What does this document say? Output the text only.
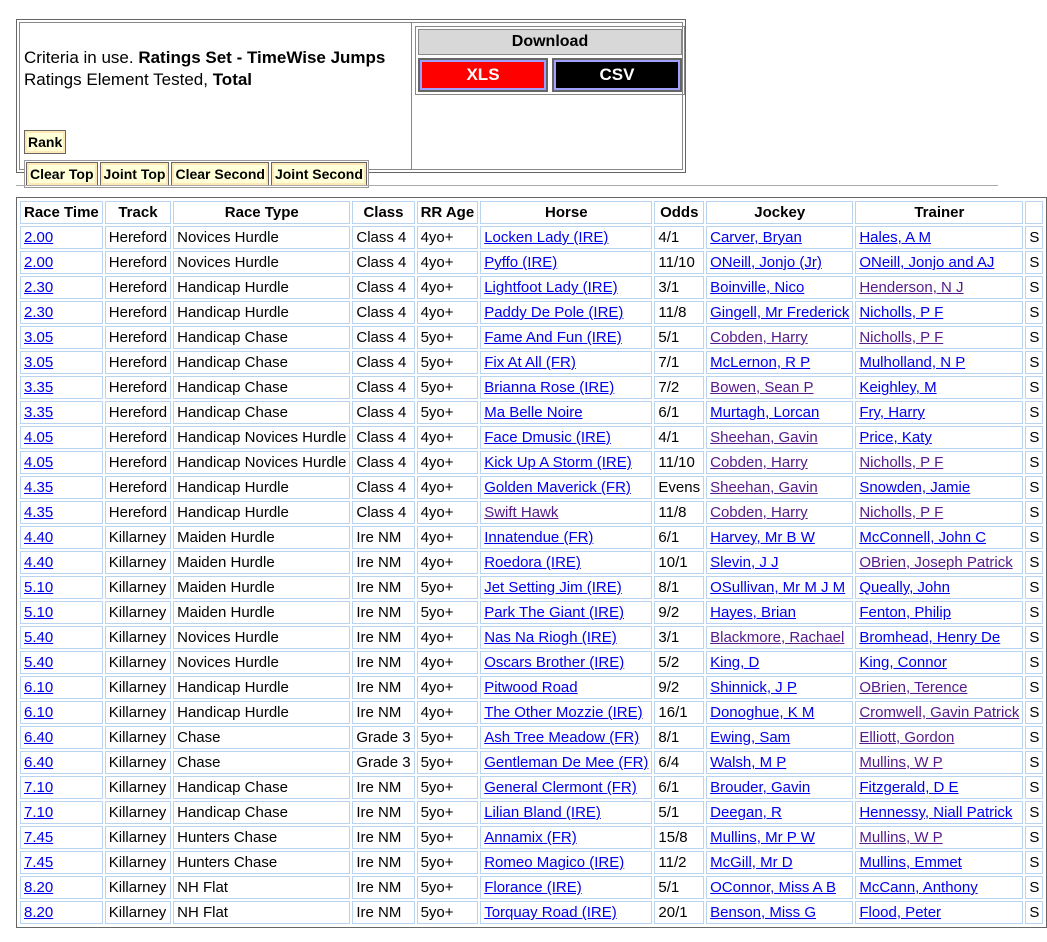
Criteria in use. Ratings Set - TimeWise Jumps
Ratings Element Tested, Total
Rank
Clear Top Joint Top Clear Second Joint Second
Download
XLS	CSV
Race Time	Track	Race Type	Class	RR Age	Horse	Odds	Jockey	Trainer	
2.00	Hereford	Novices Hurdle	Class 4	4yo+	Locken Lady (IRE)	4/1	Carver, Bryan	Hales, A M	S
2.00	Hereford	Novices Hurdle	Class 4	4yo+	Pyffo (IRE)	11/10	ONeill, Jonjo (Jr)	ONeill, Jonjo and AJ	S
2.30	Hereford	Handicap Hurdle	Class 4	4yo+	Lightfoot Lady (IRE)	3/1	Boinville, Nico	Henderson, N J	S
2.30	Hereford	Handicap Hurdle	Class 4	4yo+	Paddy De Pole (IRE)	11/8	Gingell, Mr Frederick	Nicholls, P F	S
3.05	Hereford	Handicap Chase	Class 4	5yo+	Fame And Fun (IRE)	5/1	Cobden, Harry	Nicholls, P F	S
3.05	Hereford	Handicap Chase	Class 4	5yo+	Fix At All (FR)	7/1	McLernon, R P	Mulholland, N P	S
3.35	Hereford	Handicap Chase	Class 4	5yo+	Brianna Rose (IRE)	7/2	Bowen, Sean P	Keighley, M	S
3.35	Hereford	Handicap Chase	Class 4	5yo+	Ma Belle Noire	6/1	Murtagh, Lorcan	Fry, Harry	S
4.05	Hereford	Handicap Novices Hurdle	Class 4	4yo+	Face Dmusic (IRE)	4/1	Sheehan, Gavin	Price, Katy	S
4.05	Hereford	Handicap Novices Hurdle	Class 4	4yo+	Kick Up A Storm (IRE)	11/10	Cobden, Harry	Nicholls, P F	S
4.35	Hereford	Handicap Hurdle	Class 4	4yo+	Golden Maverick (FR)	Evens	Sheehan, Gavin	Snowden, Jamie	S
4.35	Hereford	Handicap Hurdle	Class 4	4yo+	Swift Hawk	11/8	Cobden, Harry	Nicholls, P F	S
4.40	Killarney	Maiden Hurdle	Ire NM	4yo+	Innatendue (FR)	6/1	Harvey, Mr B W	McConnell, John C	S
4.40	Killarney	Maiden Hurdle	Ire NM	4yo+	Roedora (IRE)	10/1	Slevin, J J	OBrien, Joseph Patrick	S
5.10	Killarney	Maiden Hurdle	Ire NM	5yo+	Jet Setting Jim (IRE)	8/1	OSullivan, Mr M J M	Queally, John	S
5.10	Killarney	Maiden Hurdle	Ire NM	5yo+	Park The Giant (IRE)	9/2	Hayes, Brian	Fenton, Philip	S
5.40	Killarney	Novices Hurdle	Ire NM	4yo+	Nas Na Riogh (IRE)	3/1	Blackmore, Rachael	Bromhead, Henry De	S
5.40	Killarney	Novices Hurdle	Ire NM	4yo+	Oscars Brother (IRE)	5/2	King, D	King, Connor	S
6.10	Killarney	Handicap Hurdle	Ire NM	4yo+	Pitwood Road	9/2	Shinnick, J P	OBrien, Terence	S
6.10	Killarney	Handicap Hurdle	Ire NM	4yo+	The Other Mozzie (IRE)	16/1	Donoghue, K M	Cromwell, Gavin Patrick	S
6.40	Killarney	Chase	Grade 3	5yo+	Ash Tree Meadow (FR)	8/1	Ewing, Sam	Elliott, Gordon	S
6.40	Killarney	Chase	Grade 3	5yo+	Gentleman De Mee (FR)	6/4	Walsh, M P	Mullins, W P	S
7.10	Killarney	Handicap Chase	Ire NM	5yo+	General Clermont (FR)	6/1	Brouder, Gavin	Fitzgerald, D E	S
7.10	Killarney	Handicap Chase	Ire NM	5yo+	Lilian Bland (IRE)	5/1	Deegan, R	Hennessy, Niall Patrick	S
7.45	Killarney	Hunters Chase	Ire NM	5yo+	Annamix (FR)	15/8	Mullins, Mr P W	Mullins, W P	S
7.45	Killarney	Hunters Chase	Ire NM	5yo+	Romeo Magico (IRE)	11/2	McGill, Mr D	Mullins, Emmet	S
8.20	Killarney	NH Flat	Ire NM	5yo+	Florance (IRE)	5/1	OConnor, Miss A B	McCann, Anthony	S
8.20	Killarney	NH Flat	Ire NM	5yo+	Torquay Road (IRE)	20/1	Benson, Miss G	Flood, Peter	S
